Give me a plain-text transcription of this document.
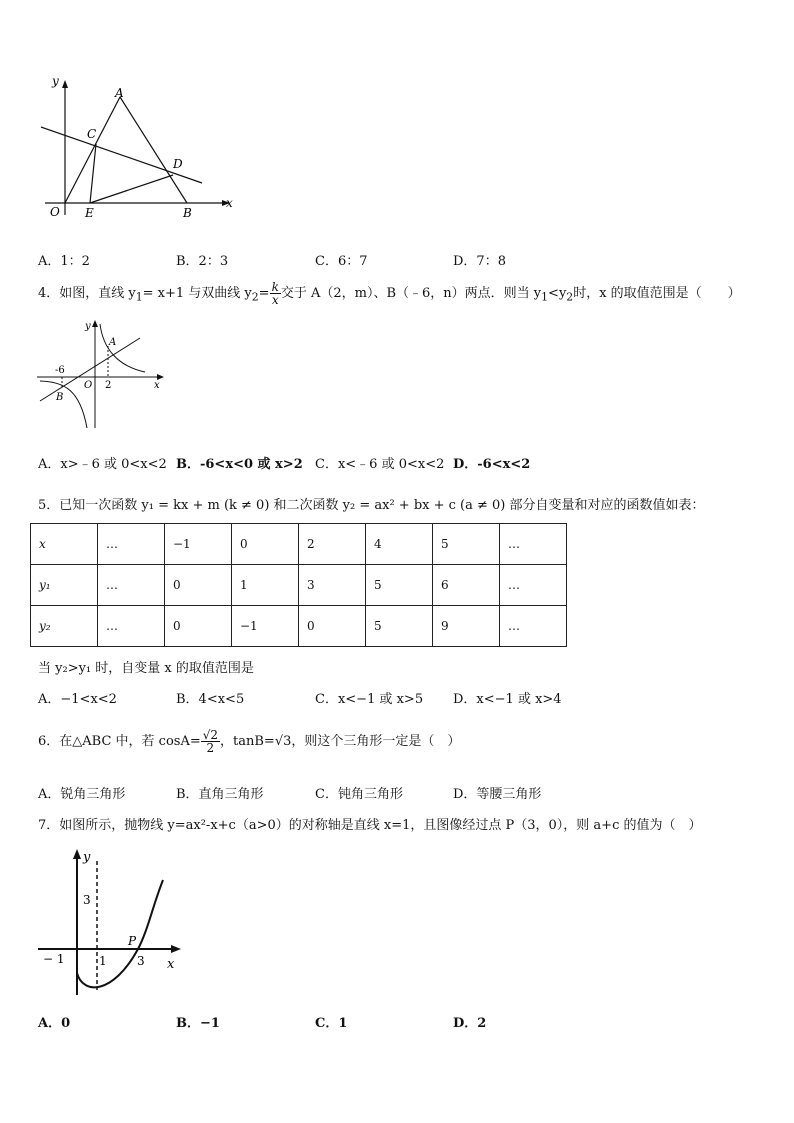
y
A
C
D
O E	B
x
A．1：2	B．2：3	C．6：7	D．7：8
4．如图，直线 $y_1= x+1$ 与双曲线 $y_2= \frac{k}{x}$ 交于 A（2，m）、B（﹣6，n）两点．则当 $y_1<y_2$时，x 的取值范围是（　　）
y
A
-6
O 2	x
B
A．x>﹣6 或 0<x<2 B．-6<x<0 或 x>2 C．x<﹣6 或 0<x<2 D．-6<x<2
5．已知一次函数 y₁ = kx + m (k ≠ 0) 和二次函数 y₂ = ax² + bx + c (a ≠ 0) 部分自变量和对应的函数值如表：
x	…	−1	0	2	4	5	…
y₁	…	0	1	3	5	6	…
y₂	…	0	−1	0	5	9	…
当 y₂>y₁ 时，自变量 x 的取值范围是
A．−1<x<2	B．4<x<5	C．x<−1 或 x>5 D．x<−1 或 x>4
6．在△ABC 中，若 $\cos A= \frac{√2}{2}$ ，tanB=√3，则这个三角形一定是（　）
A．锐角三角形	B．直角三角形	C．钝角三角形	D．等腰三角形
7．如图所示，抛物线 y=ax²-x+c（a>0）的对称轴是直线 x=1，且图像经过点 P（3，0），则 a+c 的值为（　）
y
3
P
− 1	1	3 x
A．0	B．−1	C．1	D．2
